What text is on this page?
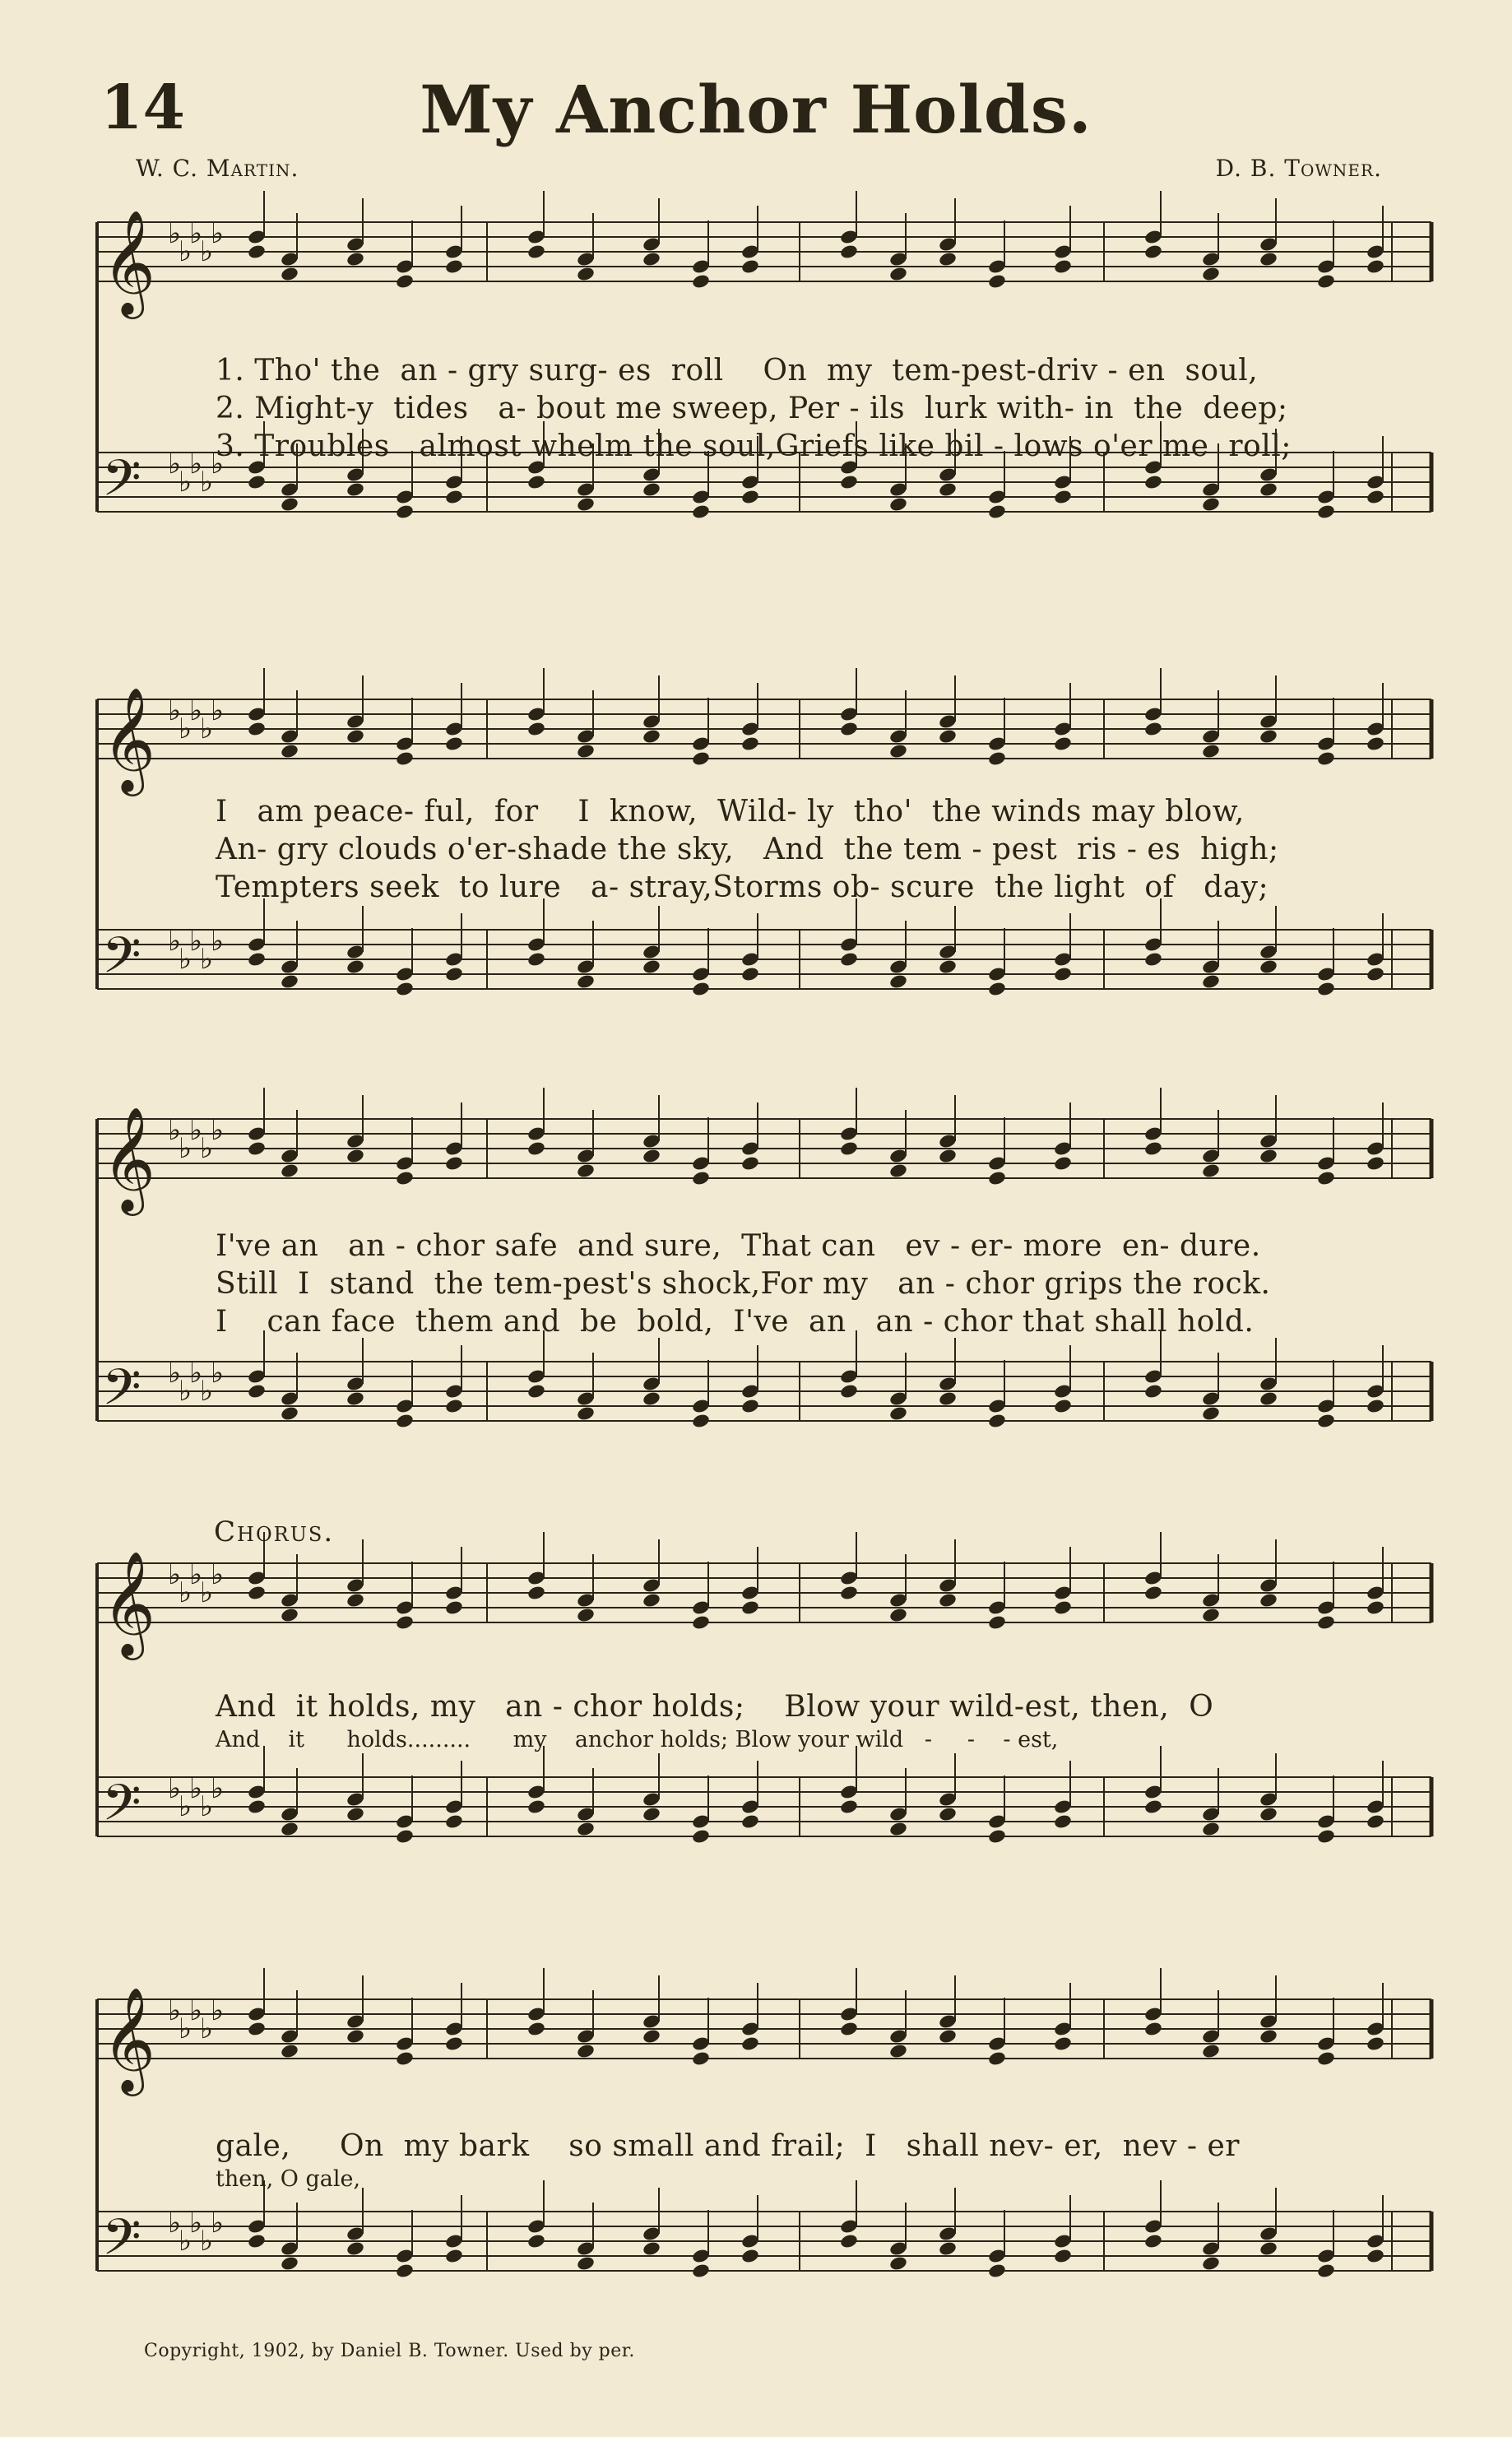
14	My Anchor Holds.
W. C. Martin.	D. B. Towner.
𝄞 ♭
♭
♭
♭
♭
𝄢 ♭
♭
♭
♭
♭
1. Tho' the  an - gry surg- es  roll    On  my  tem-pest-driv - en  soul,
2. Might-y  tides   a- bout me sweep, Per - ils  lurk with- in  the  deep;
3. Troubles   almost whelm the soul,Griefs like bil - lows o'er me  roll;
𝄞 ♭
♭
♭
♭
♭
𝄢 ♭
♭
♭
♭
♭
I   am peace- ful,  for    I  know,  Wild- ly  tho'  the winds may blow,
An- gry clouds o'er-shade the sky,   And  the tem - pest  ris - es  high;
Tempters seek  to lure   a- stray,Storms ob- scure  the light  of   day;
𝄞 ♭
♭
♭
♭
♭
𝄢 ♭
♭
♭
♭
♭
I've an   an - chor safe  and sure,  That can   ev - er- more  en- dure.
Still  I  stand  the tem-pest's shock,For my   an - chor grips the rock.
I    can face  them and  be  bold,  I've  an   an - chor that shall hold.
Chorus.
𝄞 ♭
♭
♭
♭
♭
𝄢 ♭
♭
♭
♭
♭
And  it holds, my   an - chor holds;    Blow your wild-est, then,  O
And    it      holds.........      my    anchor holds; Blow your wild   -     -    - est,
𝄞 ♭
♭
♭
♭
♭
𝄢 ♭
♭
♭
♭
♭
gale,     On  my bark    so small and frail;  I   shall nev- er,  nev - er
then, O gale,
Copyright, 1902, by Daniel B. Towner. Used by per.
